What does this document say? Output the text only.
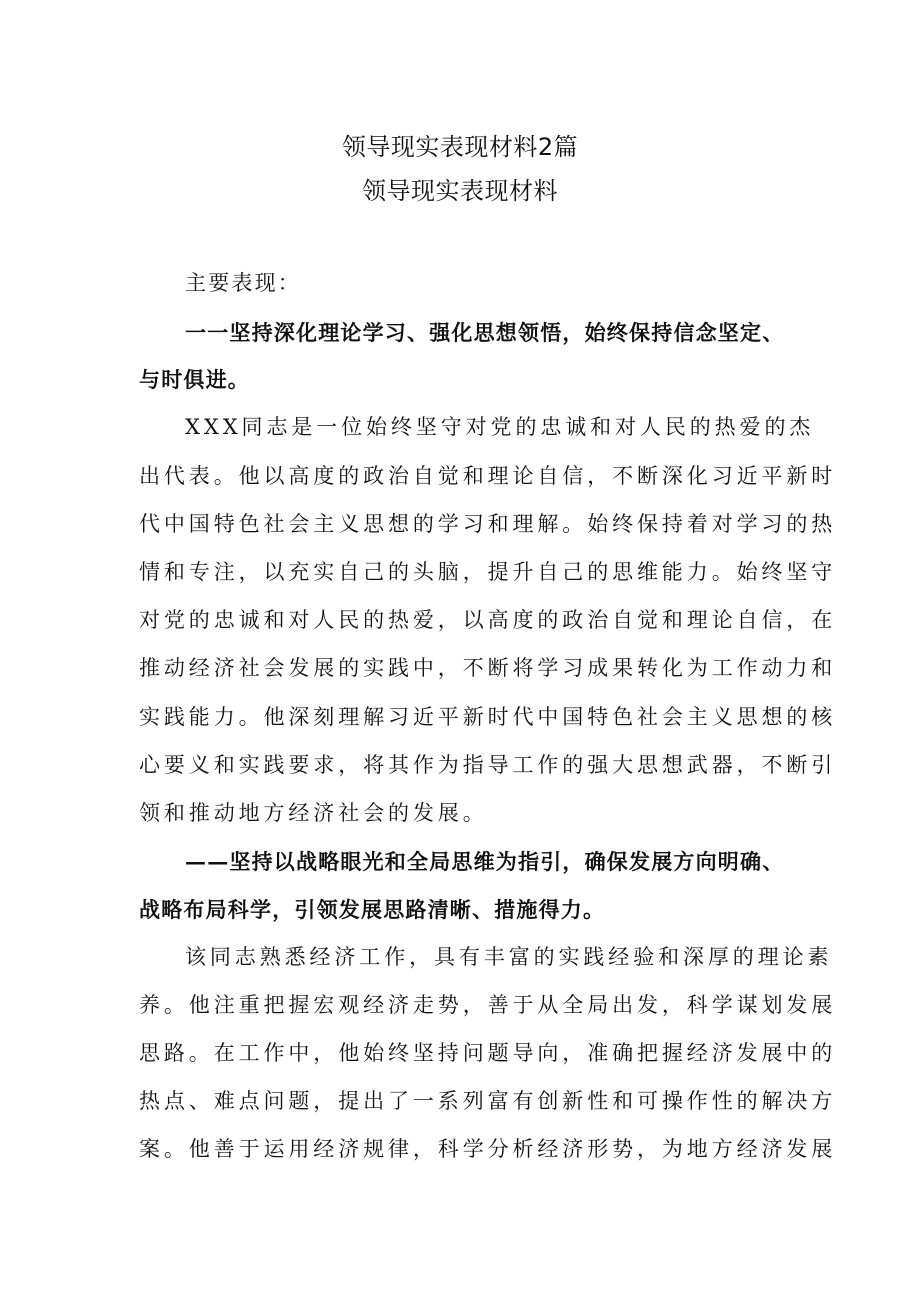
领导现实表现材料2篇
领导现实表现材料
主要表现：
一一坚持深化理论学习、强化思想领悟，始终保持信念坚定、
与时俱进。
XXX同志是一位始终坚守对党的忠诚和对人民的热爱的杰
出代表。他以高度的政治自觉和理论自信，不断深化习近平新时
代中国特色社会主义思想的学习和理解。始终保持着对学习的热
情和专注，以充实自己的头脑，提升自己的思维能力。始终坚守
对党的忠诚和对人民的热爱，以高度的政治自觉和理论自信，在
推动经济社会发展的实践中，不断将学习成果转化为工作动力和
实践能力。他深刻理解习近平新时代中国特色社会主义思想的核
心要义和实践要求，将其作为指导工作的强大思想武器，不断引
领和推动地方经济社会的发展。
——坚持以战略眼光和全局思维为指引，确保发展方向明确、
战略布局科学，引领发展思路清晰、措施得力。
该同志熟悉经济工作，具有丰富的实践经验和深厚的理论素
养。他注重把握宏观经济走势，善于从全局出发，科学谋划发展
思路。在工作中，他始终坚持问题导向，准确把握经济发展中的
热点、难点问题，提出了一系列富有创新性和可操作性的解决方
案。他善于运用经济规律，科学分析经济形势，为地方经济发展
